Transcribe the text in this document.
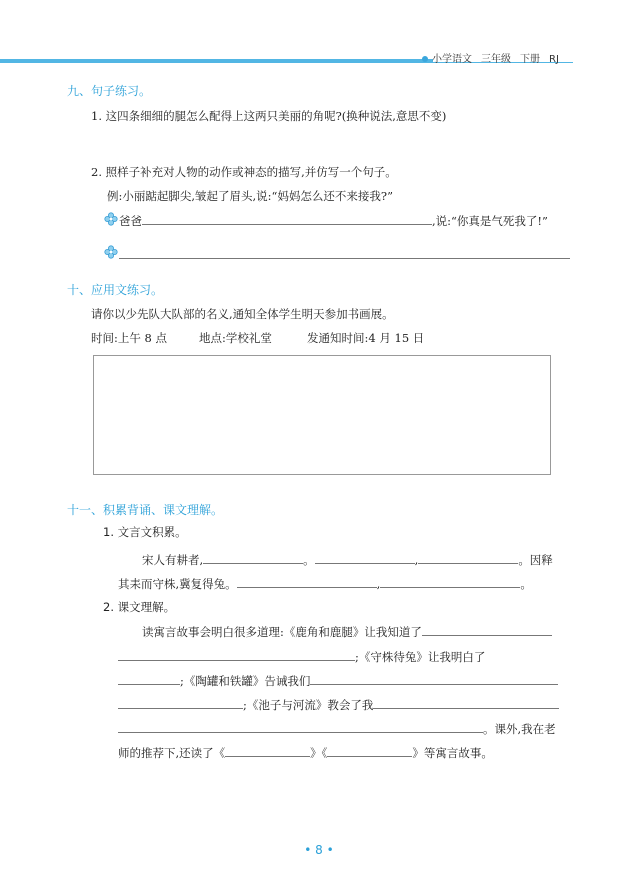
小学语文 三年级 下册 RJ
九、句子练习。
1. 这四条细细的腿怎么配得上这两只美丽的角呢?(换种说法,意思不变)
2. 照样子补充对人物的动作或神态的描写,并仿写一个句子。
例:小丽踮起脚尖,皱起了眉头,说:“妈妈怎么还不来接我?”
爸爸	,说:“你真是气死我了!”
十、应用文练习。
请你以少先队大队部的名义,通知全体学生明天参加书画展。
时间:上午 8 点	地点:学校礼堂	发通知时间:4 月 15 日
十一、积累背诵、课文理解。
1. 文言文积累。
宋人有耕者,	。	,	。因释
其耒而守株,冀复得兔。	,	。
2. 课文理解。
读寓言故事会明白很多道理:《鹿角和鹿腿》让我知道了
;《守株待兔》让我明白了
;《陶罐和铁罐》告诫我们
;《池子与河流》教会了我
。课外,我在老
师的推荐下,还读了《	》《	》等寓言故事。
• 8 •
